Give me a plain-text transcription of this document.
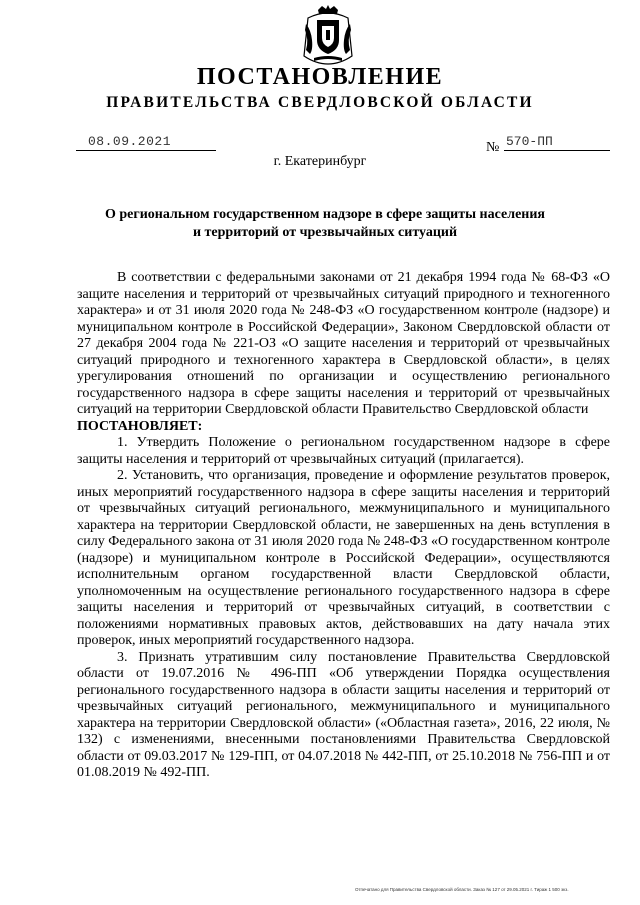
ПОСТАНОВЛЕНИЕ
ПРАВИТЕЛЬСТВА СВЕРДЛОВСКОЙ ОБЛАСТИ
08.09.2021	№ 570-ПП
г. Екатеринбург
О региональном государственном надзоре в сфере защиты населения
и территорий от чрезвычайных ситуаций

В соответствии с федеральными законами от 21 декабря 1994 года № 68-ФЗ «О защите населения и территорий от чрезвычайных ситуаций природного и техногенного характера» и от 31 июля 2020 года № 248-ФЗ «О государственном контроле (надзоре) и муниципальном контроле в Российской Федерации», Законом Свердловской области от 27 декабря 2004 года № 221-ОЗ «О защите населения и территорий от чрезвычайных ситуаций природного и техногенного характера в Свердловской области», в целях урегулирования отношений по организации и осуществлению регионального государственного надзора в сфере защиты населения и территорий от чрезвычайных ситуаций на территории Свердловской области Правительство Свердловской области

ПОСТАНОВЛЯЕТ:

1. Утвердить Положение о региональном государственном надзоре в сфере защиты населения и территорий от чрезвычайных ситуаций (прилагается).

2. Установить, что организация, проведение и оформление результатов проверок, иных мероприятий государственного надзора в сфере защиты населения и территорий от чрезвычайных ситуаций регионального, межмуниципального и муниципального характера на территории Свердловской области, не завершенных на день вступления в силу Федерального закона от 31 июля 2020 года № 248-ФЗ «О государственном контроле (надзоре) и муниципальном контроле в Российской Федерации», осуществляются исполнительным органом государственной власти Свердловской области, уполномоченным на осуществление регионального государственного надзора в сфере защиты населения и территорий от чрезвычайных ситуаций, в соответствии с положениями нормативных правовых актов, действовавших на дату начала этих проверок, иных мероприятий государственного надзора.

3. Признать утратившим силу постановление Правительства Свердловской области от 19.07.2016 № 496-ПП «Об утверждении Порядка осуществления регионального государственного надзора в области защиты населения и территорий от чрезвычайных ситуаций регионального, межмуниципального и муниципального характера на территории Свердловской области» («Областная газета», 2016, 22 июля, № 132) с изменениями, внесенными постановлениями Правительства Свердловской области от 09.03.2017 № 129-ПП, от 04.07.2018 № 442-ПП, от 25.10.2018 № 756-ПП и от 01.08.2019 № 492-ПП.

Отпечатано для Правительства Свердловской области. Заказ № 127 от 29.05.2021 г. Тираж 1 500 экз.
